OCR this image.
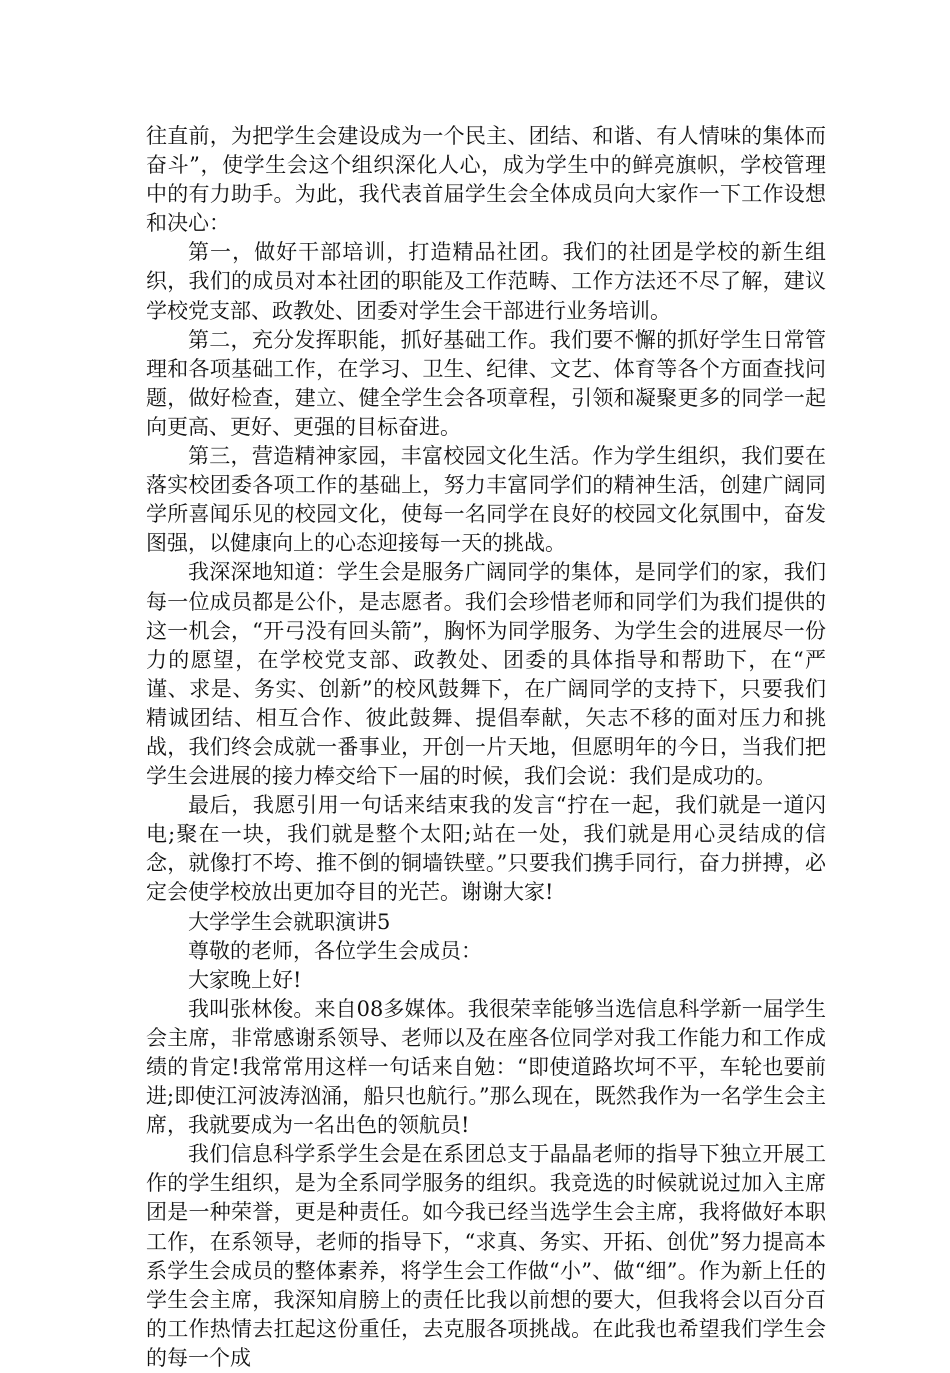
往直前，为把学生会建设成为一个民主、团结、和谐、有人情味的集体而奋斗”，使学生会这个组织深化人心，成为学生中的鲜亮旗帜，学校管理中的有力助手。为此，我代表首届学生会全体成员向大家作一下工作设想和决心：

第一，做好干部培训，打造精品社团。我们的社团是学校的新生组织，我们的成员对本社团的职能及工作范畴、工作方法还不尽了解，建议学校党支部、政教处、团委对学生会干部进行业务培训。

第二，充分发挥职能，抓好基础工作。我们要不懈的抓好学生日常管理和各项基础工作，在学习、卫生、纪律、文艺、体育等各个方面查找问题，做好检查，建立、健全学生会各项章程，引领和凝聚更多的同学一起向更高、更好、更强的目标奋进。

第三，营造精神家园，丰富校园文化生活。作为学生组织，我们要在落实校团委各项工作的基础上，努力丰富同学们的精神生活，创建广阔同学所喜闻乐见的校园文化，使每一名同学在良好的校园文化氛围中，奋发图强，以健康向上的心态迎接每一天的挑战。

我深深地知道：学生会是服务广阔同学的集体，是同学们的家，我们每一位成员都是公仆，是志愿者。我们会珍惜老师和同学们为我们提供的这一机会，“开弓没有回头箭”，胸怀为同学服务、为学生会的进展尽一份力的愿望，在学校党支部、政教处、团委的具体指导和帮助下，在“严谨、求是、务实、创新”的校风鼓舞下，在广阔同学的支持下，只要我们精诚团结、相互合作、彼此鼓舞、提倡奉献，矢志不移的面对压力和挑战，我们终会成就一番事业，开创一片天地，但愿明年的今日，当我们把学生会进展的接力棒交给下一届的时候，我们会说：我们是成功的。

最后，我愿引用一句话来结束我的发言“拧在一起，我们就是一道闪电;聚在一块，我们就是整个太阳;站在一处，我们就是用心灵结成的信念，就像打不垮、推不倒的铜墙铁壁。”只要我们携手同行，奋力拼搏，必定会使学校放出更加夺目的光芒。谢谢大家!

大学学生会就职演讲5

尊敬的老师，各位学生会成员：

大家晚上好!

我叫张林俊。来自08多媒体。我很荣幸能够当选信息科学新一届学生会主席，非常感谢系领导、老师以及在座各位同学对我工作能力和工作成绩的肯定!我常常用这样一句话来自勉：“即使道路坎坷不平，车轮也要前进;即使江河波涛汹涌，船只也航行。”那么现在，既然我作为一名学生会主席，我就要成为一名出色的领航员!

我们信息科学系学生会是在系团总支于晶晶老师的指导下独立开展工作的学生组织，是为全系同学服务的组织。我竞选的时候就说过加入主席团是一种荣誉，更是种责任。如今我已经当选学生会主席，我将做好本职工作，在系领导，老师的指导下，“求真、务实、开拓、创优”努力提高本系学生会成员的整体素养，将学生会工作做“小”、做“细”。作为新上任的学生会主席，我深知肩膀上的责任比我以前想的要大，但我将会以百分百的工作热情去扛起这份重任，去克服各项挑战。在此我也希望我们学生会的每一个成
